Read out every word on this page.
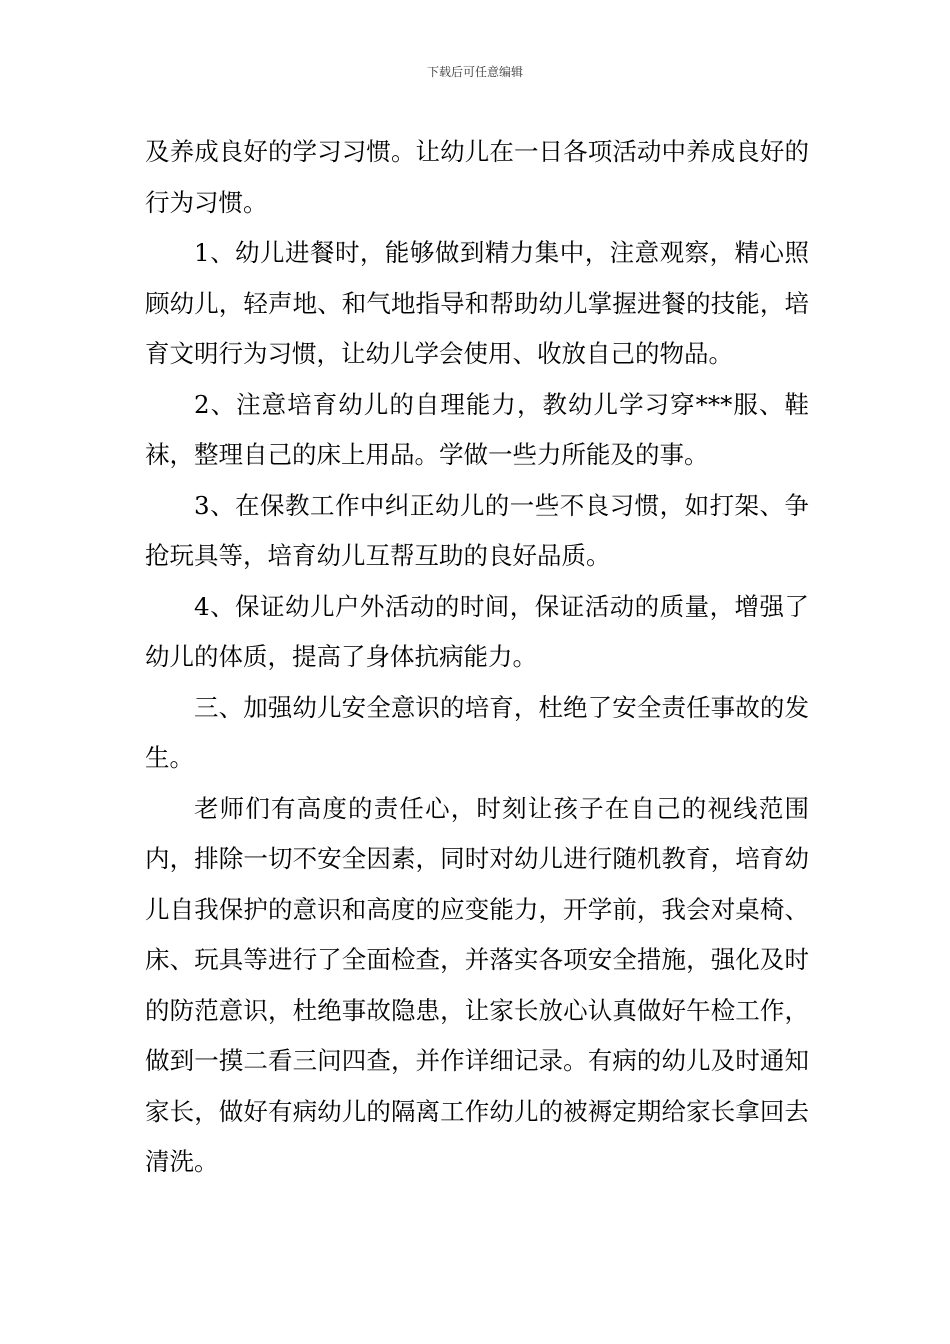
下载后可任意编辑

及养成良好的学习习惯。让幼儿在一日各项活动中养成良好的行为习惯。

1、幼儿进餐时，能够做到精力集中，注意观察，精心照顾幼儿，轻声地、和气地指导和帮助幼儿掌握进餐的技能，培育文明行为习惯，让幼儿学会使用、收放自己的物品。

2、注意培育幼儿的自理能力，教幼儿学习穿***服、鞋袜，整理自己的床上用品。学做一些力所能及的事。

3、在保教工作中纠正幼儿的一些不良习惯，如打架、争抢玩具等，培育幼儿互帮互助的良好品质。

4、保证幼儿户外活动的时间，保证活动的质量，增强了幼儿的体质，提高了身体抗病能力。

三、加强幼儿安全意识的培育，杜绝了安全责任事故的发生。

老师们有高度的责任心，时刻让孩子在自己的视线范围内，排除一切不安全因素，同时对幼儿进行随机教育，培育幼儿自我保护的意识和高度的应变能力，开学前，我会对桌椅、床、玩具等进行了全面检查，并落实各项安全措施，强化及时的防范意识，杜绝事故隐患，让家长放心认真做好午检工作，做到一摸二看三问四查，并作详细记录。有病的幼儿及时通知家长，做好有病幼儿的隔离工作幼儿的被褥定期给家长拿回去清洗。
